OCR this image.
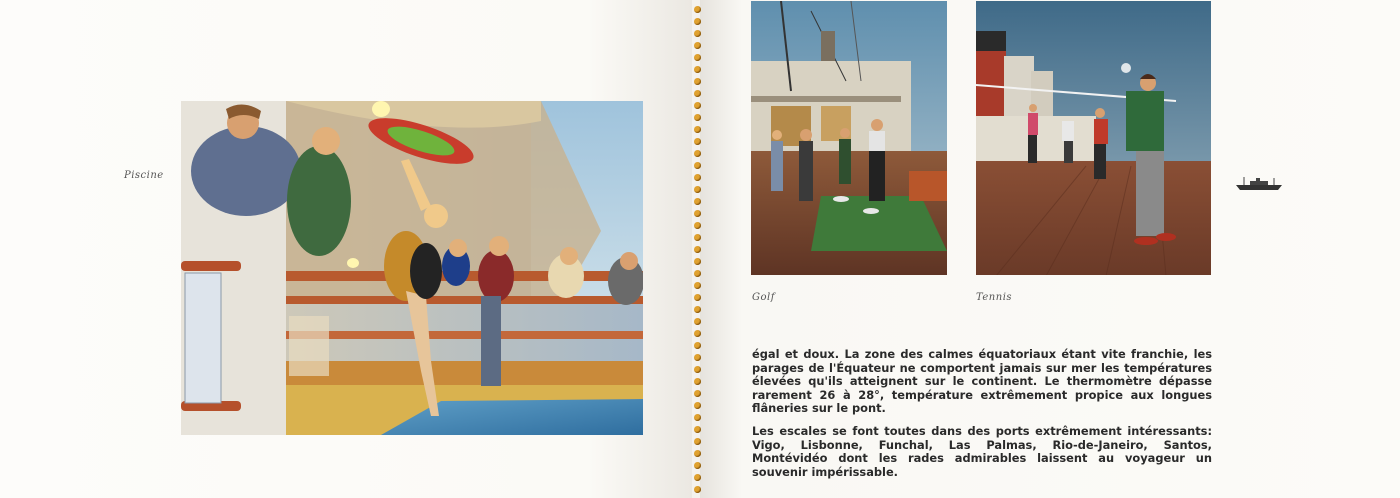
Piscine
Golf	Tennis

égal et doux. La zone des calmes équatoriaux étant vite franchie, les parages de l'Équateur ne comportent jamais sur mer les températures élevées qu'ils atteignent sur le continent. Le thermomètre dépasse rarement 26 à 28°, température extrêmement propice aux longues flâneries sur le pont.

Les escales se font toutes dans des ports extrêmement intéressants: Vigo, Lisbonne, Funchal, Las Palmas, Rio-de-Janeiro, Santos, Montévidéo dont les rades admirables laissent au voyageur un souvenir impérissable.
